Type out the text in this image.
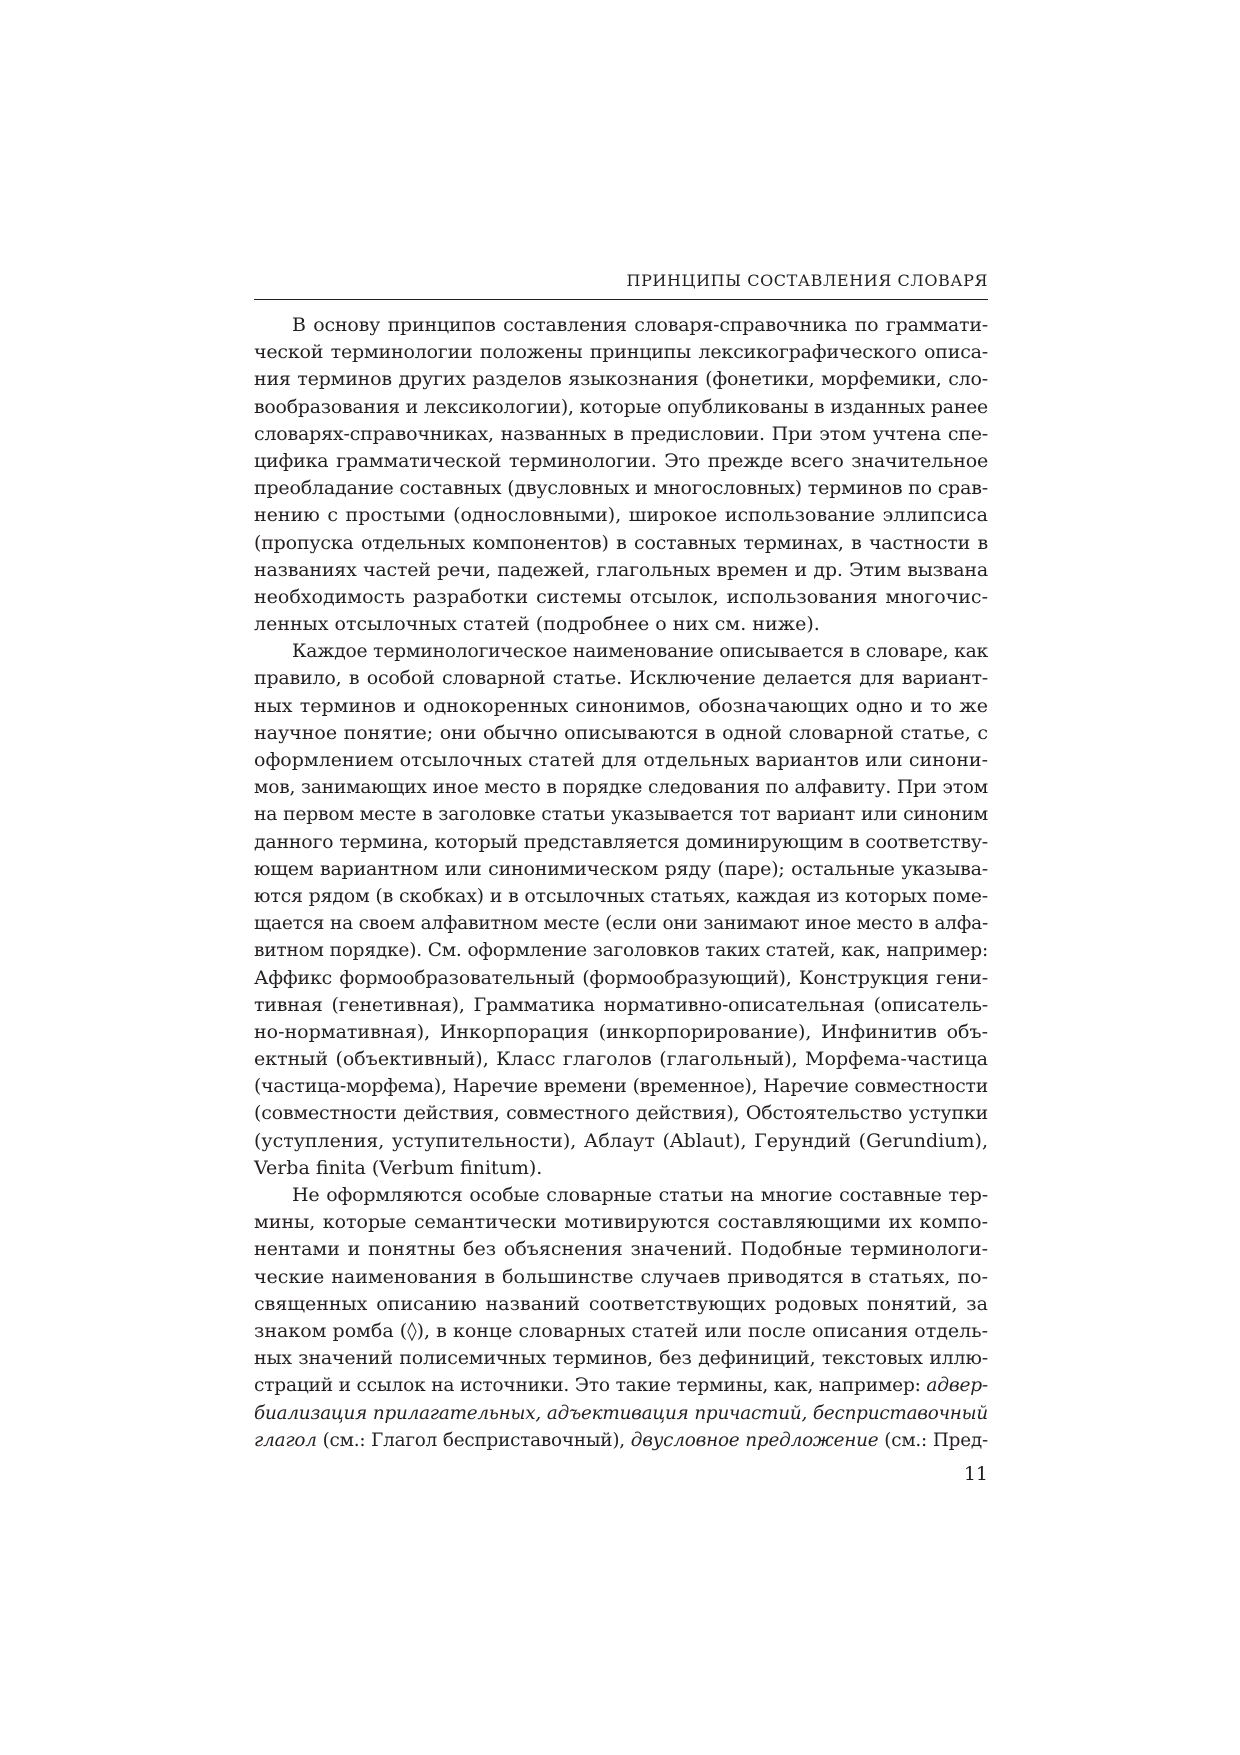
ПРИНЦИПЫ СОСТАВЛЕНИЯ СЛОВАРЯ
В основу принципов составления словаря-справочника по граммати-
ческой терминологии положены принципы лексикографического описа-
ния терминов других разделов языкознания (фонетики, морфемики, сло-
вообразования и лексикологии), которые опубликованы в изданных ранее
словарях-справочниках, названных в предисловии. При этом учтена спе-
цифика грамматической терминологии. Это прежде всего значительное
преобладание составных (двусловных и многословных) терминов по срав-
нению с простыми (однословными), широкое использование эллипсиса
(пропуска отдельных компонентов) в составных терминах, в частности в
названиях частей речи, падежей, глагольных времен и др. Этим вызвана
необходимость разработки системы отсылок, использования многочис-
ленных отсылочных статей (подробнее о них см. ниже).
Каждое терминологическое наименование описывается в словаре, как
правило, в особой словарной статье. Исключение делается для вариант-
ных терминов и однокоренных синонимов, обозначающих одно и то же
научное понятие; они обычно описываются в одной словарной статье, с
оформлением отсылочных статей для отдельных вариантов или синони-
мов, занимающих иное место в порядке следования по алфавиту. При этом
на первом месте в заголовке статьи указывается тот вариант или синоним
данного термина, который представляется доминирующим в соответству-
ющем вариантном или синонимическом ряду (паре); остальные указыва-
ются рядом (в скобках) и в отсылочных статьях, каждая из которых поме-
щается на своем алфавитном месте (если они занимают иное место в алфа-
витном порядке). См. оформление заголовков таких статей, как, например:
Аффикс формообразовательный (формообразующий), Конструкция гени-
тивная (генетивная), Грамматика нормативно-описательная (описатель-
но-нормативная), Инкорпорация (инкорпорирование), Инфинитив объ-
ектный (объективный), Класс глаголов (глагольный), Морфема-частица
(частица-морфема), Наречие времени (временное), Наречие совместности
(совместности действия, совместного действия), Обстоятельство уступки
(уступления, уступительности), Аблаут (Ablaut), Герундий (Gerundium),
Verba finita (Verbum finitum).
Не оформляются особые словарные статьи на многие составные тер-
мины, которые семантически мотивируются составляющими их компо-
нентами и понятны без объяснения значений. Подобные терминологи-
ческие наименования в большинстве случаев приводятся в статьях, по-
священных описанию названий соответствующих родовых понятий, за
знаком ромба (◊), в конце словарных статей или после описания отдель-
ных значений полисемичных терминов, без дефиниций, текстовых иллю-
страций и ссылок на источники. Это такие термины, как, например: адвер-
биализация прилагательных, адъективация причастий, бесприставочный
глагол (см.: Глагол бесприставочный), двусловное предложение (см.: Пред-
11
